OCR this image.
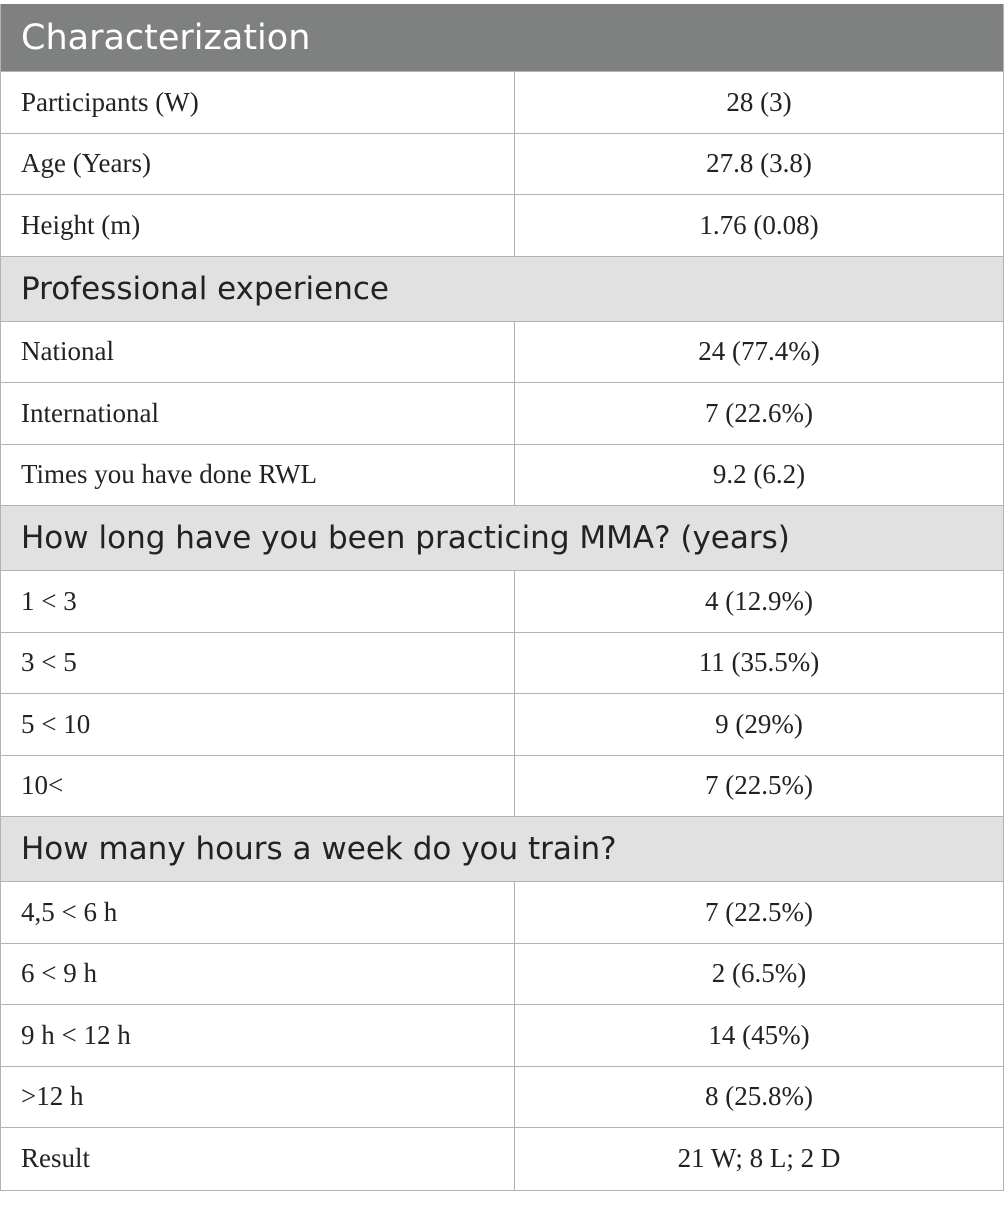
Characterization
Participants (W)	28 (3)
Age (Years)	27.8 (3.8)
Height (m)	1.76 (0.08)
Professional experience
National	24 (77.4%)
International	7 (22.6%)
Times you have done RWL	9.2 (6.2)
How long have you been practicing MMA? (years)
1 < 3	4 (12.9%)
3 < 5	11 (35.5%)
5 < 10	9 (29%)
10<	7 (22.5%)
How many hours a week do you train?
4,5 < 6 h	7 (22.5%)
6 < 9 h	2 (6.5%)
9 h < 12 h	14 (45%)
>12 h	8 (25.8%)
Result	21 W; 8 L; 2 D
